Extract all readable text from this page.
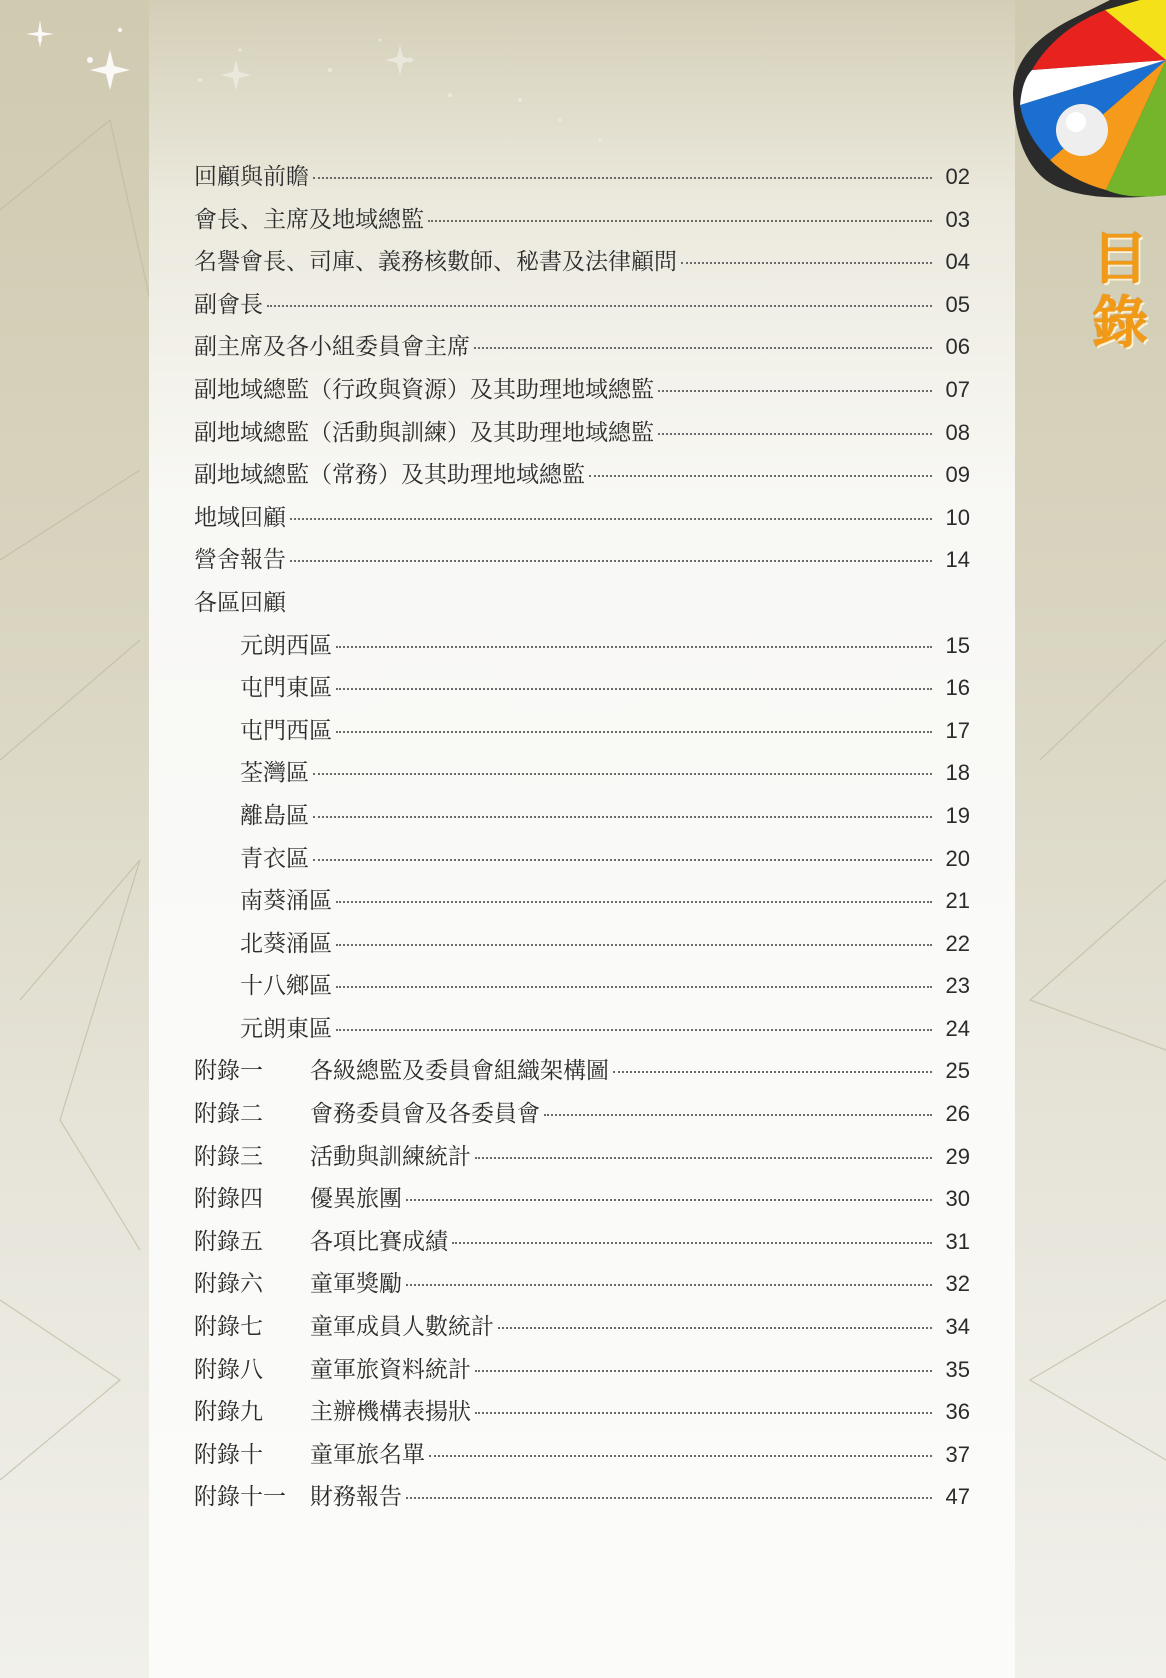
目
錄
回顧與前瞻	02
會長、主席及地域總監	03
名譽會長、司庫、義務核數師、秘書及法律顧問	04
副會長	05
副主席及各小組委員會主席	06
副地域總監（行政與資源）及其助理地域總監	07
副地域總監（活動與訓練）及其助理地域總監	08
副地域總監（常務）及其助理地域總監	09
地域回顧	10
營舍報告	14
各區回顧
元朗西區	15
屯門東區	16
屯門西區	17
荃灣區	18
離島區	19
青衣區	20
南葵涌區	21
北葵涌區	22
十八鄉區	23
元朗東區	24
附錄一	各級總監及委員會組織架構圖	25
附錄二	會務委員會及各委員會	26
附錄三	活動與訓練統計	29
附錄四	優異旅團	30
附錄五	各項比賽成績	31
附錄六	童軍獎勵	32
附錄七	童軍成員人數統計	34
附錄八	童軍旅資料統計	35
附錄九	主辦機構表揚狀	36
附錄十	童軍旅名單	37
附錄十一	財務報告	47
